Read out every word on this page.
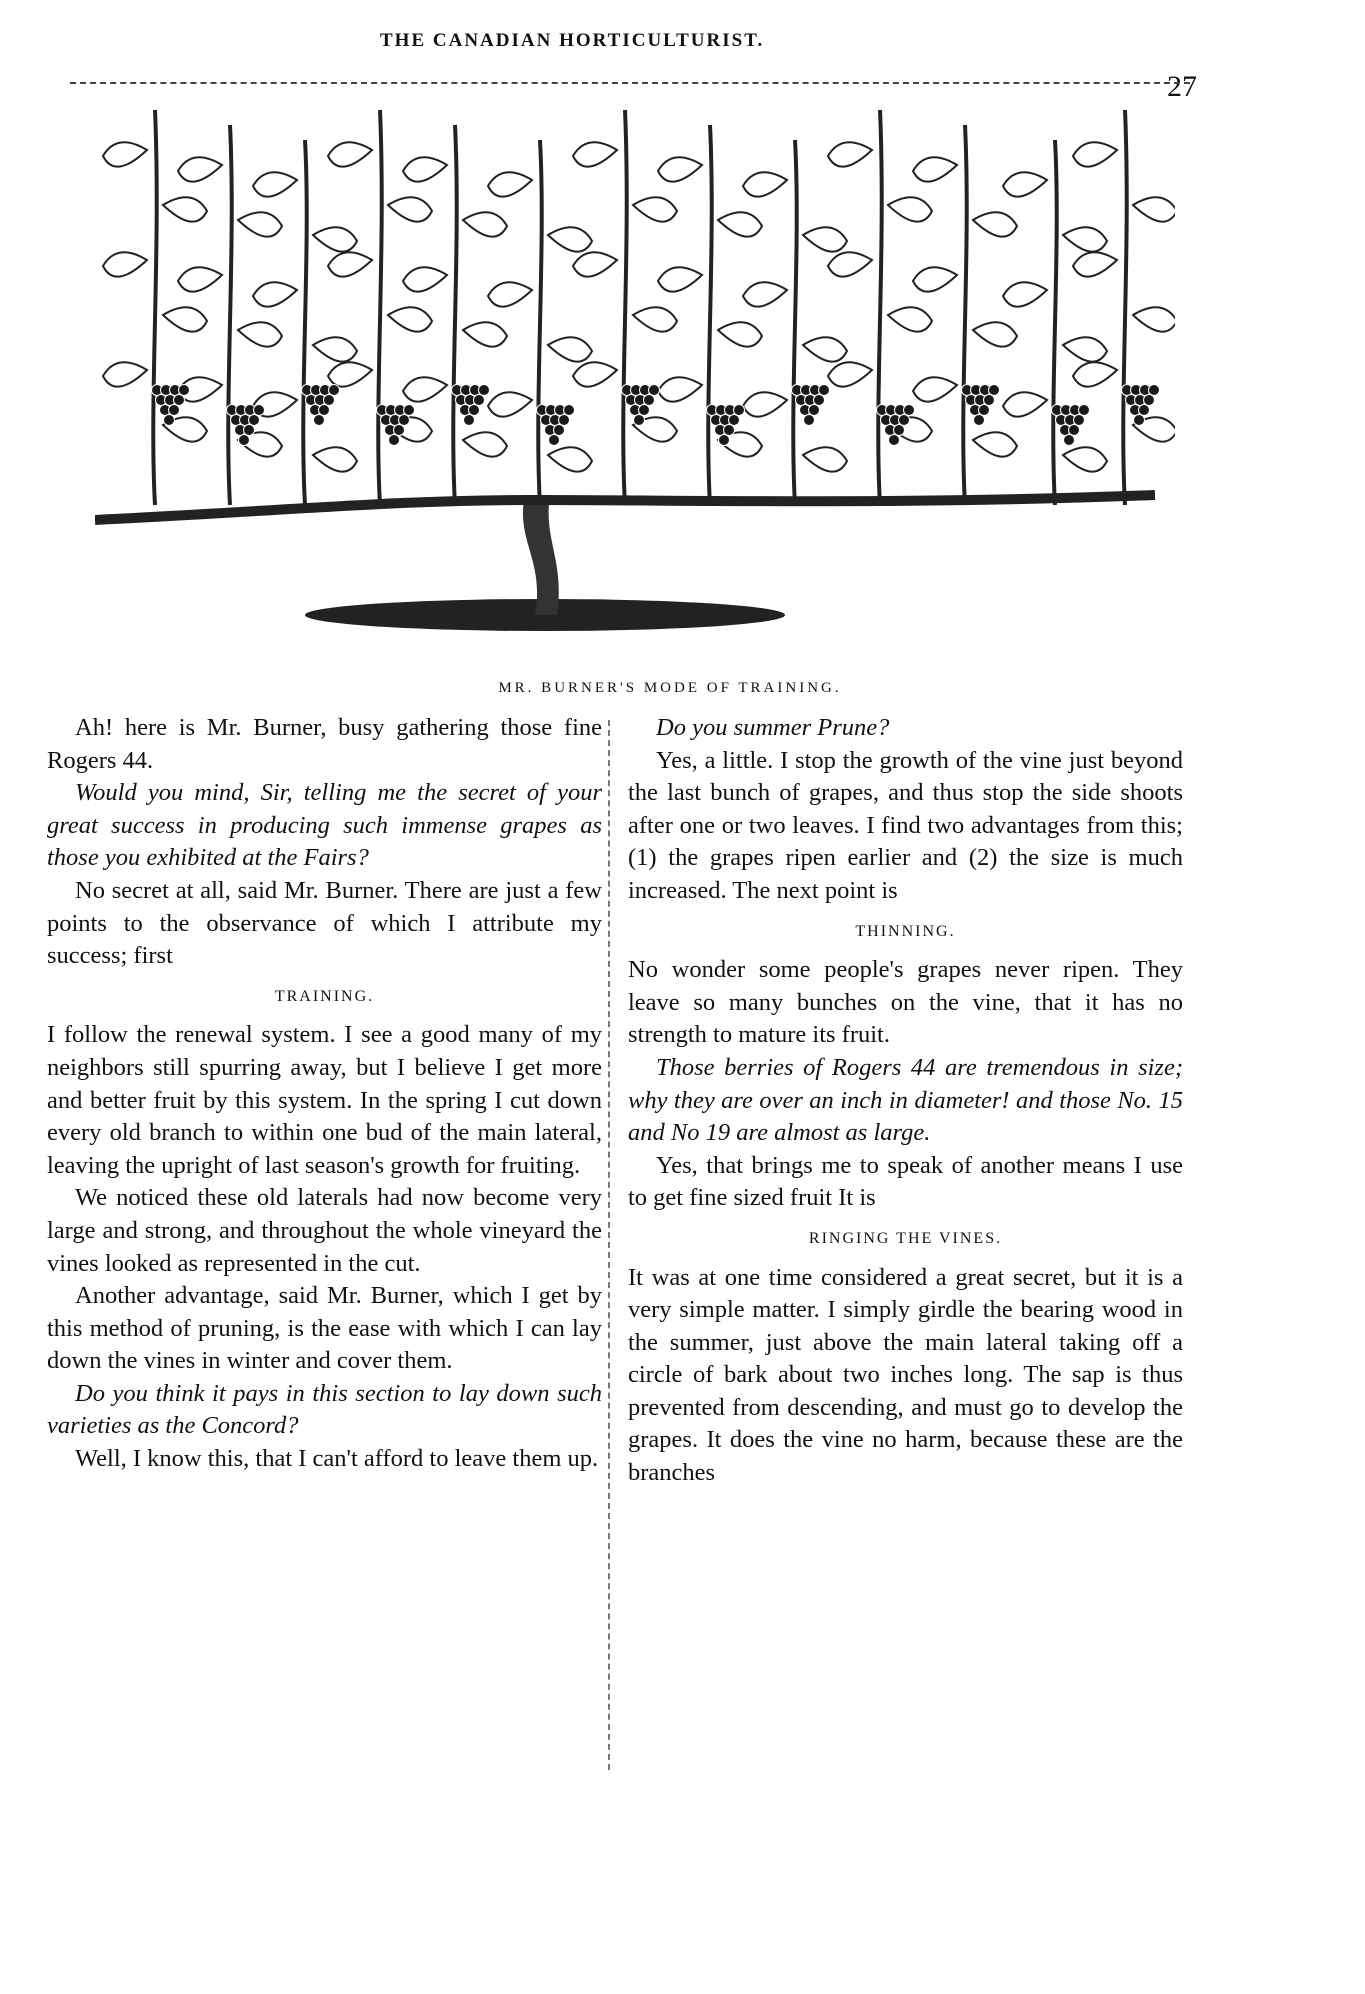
THE CANADIAN HORTICULTURIST.
27
MR. BURNER'S MODE OF TRAINING.

Ah! here is Mr. Burner, busy gathering those fine Rogers 44.

Would you mind, Sir, telling me the secret of your great success in producing such immense grapes as those you exhibited at the Fairs?

No secret at all, said Mr. Burner. There are just a few points to the observance of which I attribute my success; first

TRAINING.

I follow the renewal system. I see a good many of my neighbors still spurring away, but I believe I get more and better fruit by this system. In the spring I cut down every old branch to within one bud of the main lateral, leaving the upright of last season's growth for fruiting.

We noticed these old laterals had now become very large and strong, and throughout the whole vineyard the vines looked as represented in the cut.

Another advantage, said Mr. Burner, which I get by this method of pruning, is the ease with which I can lay down the vines in winter and cover them.

Do you think it pays in this section to lay down such varieties as the Concord?

Well, I know this, that I can't afford to leave them up.

Do you summer Prune?

Yes, a little. I stop the growth of the vine just beyond the last bunch of grapes, and thus stop the side shoots after one or two leaves. I find two advantages from this; (1) the grapes ripen earlier and (2) the size is much increased. The next point is

THINNING.

No wonder some people's grapes never ripen. They leave so many bunches on the vine, that it has no strength to mature its fruit.

Those berries of Rogers 44 are tremendous in size; why they are over an inch in diameter! and those No. 15 and No 19 are almost as large.

Yes, that brings me to speak of another means I use to get fine sized fruit It is

RINGING THE VINES.

It was at one time considered a great secret, but it is a very simple matter. I simply girdle the bearing wood in the summer, just above the main lateral taking off a circle of bark about two inches long. The sap is thus prevented from descending, and must go to develop the grapes. It does the vine no harm, because these are the branches
